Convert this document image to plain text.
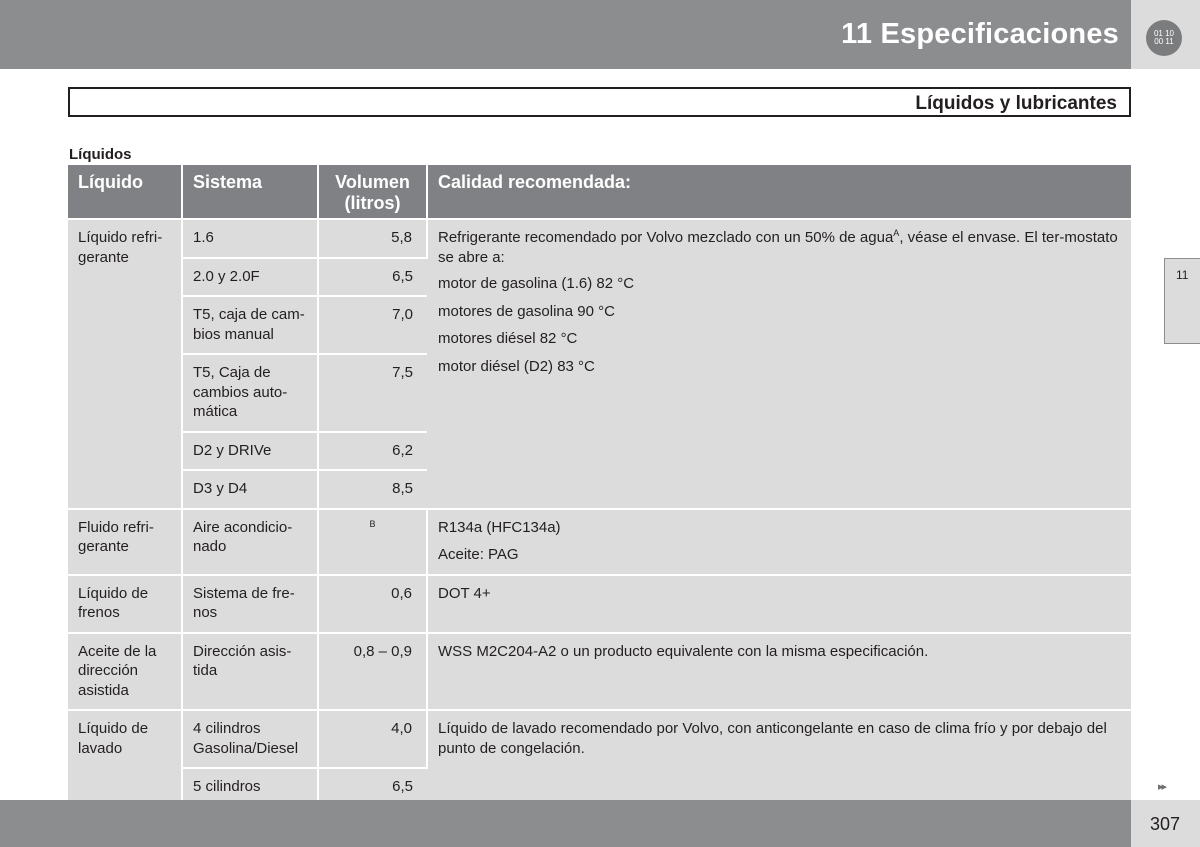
11 Especificaciones	01 10
00 11
Líquidos y lubricantes
Líquidos
11
Líquido	Sistema	Volumen (litros)	Calidad recomendada:
Líquido refri-gerante	1.6	5,8	Refrigerante recomendado por Volvo mezclado con un 50% de agua$^A$, véase el envase. El ter-mostato se abre a:
motor de gasolina (1.6) 82 °C
motores de gasolina 90 °C
motores diésel 82 °C
motor diésel (D2) 83 °C

	2.0 y 2.0F	6,5	
	T5, caja de cam-bios manual	7,0	
	T5, Caja de cambios auto-mática	7,5	
	D2 y DRIVe	6,2	
	D3 y D4	8,5	
Fluido refri-gerante	Aire acondicio-nado	B	R134a (HFC134a)
Aceite: PAG

Líquido de frenos	Sistema de fre-nos	0,6	DOT 4+
Aceite de la dirección asistida	Dirección asis-tida	0,8 – 0,9	WSS M2C204-A2 o un producto equivalente con la misma especificación.
Líquido de lavado	4 cilindros Gasolina/Diesel	4,0	Líquido de lavado recomendado por Volvo, con anticongelante en caso de clima frío y por debajo del punto de congelación.
	5 cilindros	6,5		▸▸
307
